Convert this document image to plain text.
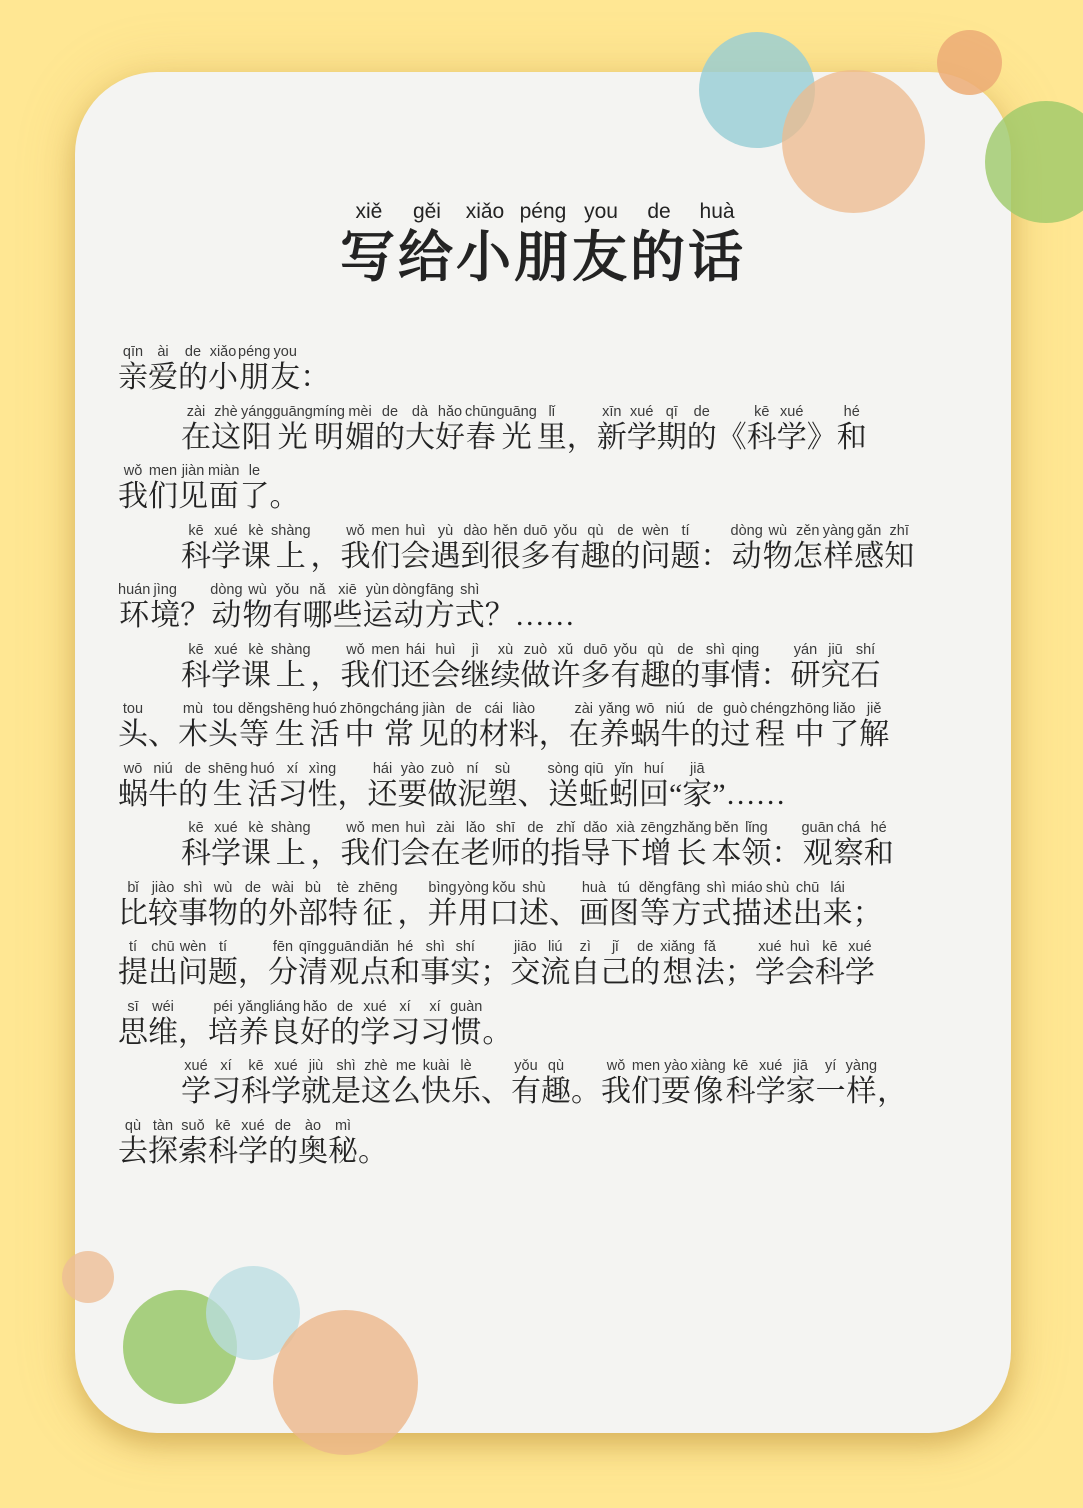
写xiě给gěi小xiǎo朋péng友you的de话huà
亲qīn爱ài的de小xiǎo朋péng友you：
在zài这zhè阳yáng光guāng明míng媚mèi的de大dà好hǎo春chūn光guāng里lǐ，新xīn学xué期qī的de《科kē学xué》和hé
我wǒ们men见jiàn面miàn了le。
科kē学xué课kè上shàng，我wǒ们men会huì遇yù到dào很hěn多duō有yǒu趣qù的de问wèn题tí：动dòng物wù怎zěn样yàng感gǎn知zhī
环huán境jìng？动dòng物wù有yǒu哪nǎ些xiē运yùn动dòng方fāng式shì？……
科kē学xué课kè上shàng，我wǒ们men还hái会huì继jì续xù做zuò许xǔ多duō有yǒu趣qù的de事shì情qing：研yán究jiū石shí
头tou、木mù头tou等děng生shēng活huó中zhōng常cháng见jiàn的de材cái料liào，在zài养yǎng蜗wō牛niú的de过guò程chéng中zhōng了liǎo解jiě
蜗wō牛niú的de生shēng活huó习xí性xìng，还hái要yào做zuò泥ní塑sù、送sòng蚯qiū蚓yǐn回huí“家jiā”……
科kē学xué课kè上shàng，我wǒ们men会huì在zài老lǎo师shī的de指zhǐ导dǎo下xià增zēng长zhǎng本běn领lǐng：观guān察chá和hé
比bǐ较jiào事shì物wù的de外wài部bù特tè征zhēng，并bìng用yòng口kǒu述shù、画huà图tú等děng方fāng式shì描miáo述shù出chū来lái；
提tí出chū问wèn题tí，分fēn清qīng观guān点diǎn和hé事shì实shí；交jiāo流liú自zì己jǐ的de想xiǎng法fǎ；学xué会huì科kē学xué
思sī维wéi，培péi养yǎng良liáng好hǎo的de学xué习xí习xí惯guàn。
学xué习xí科kē学xué就jiù是shì这zhè么me快kuài乐lè、有yǒu趣qù。我wǒ们men要yào像xiàng科kē学xué家jiā一yí样yàng，
去qù探tàn索suǒ科kē学xué的de奥ào秘mì。
